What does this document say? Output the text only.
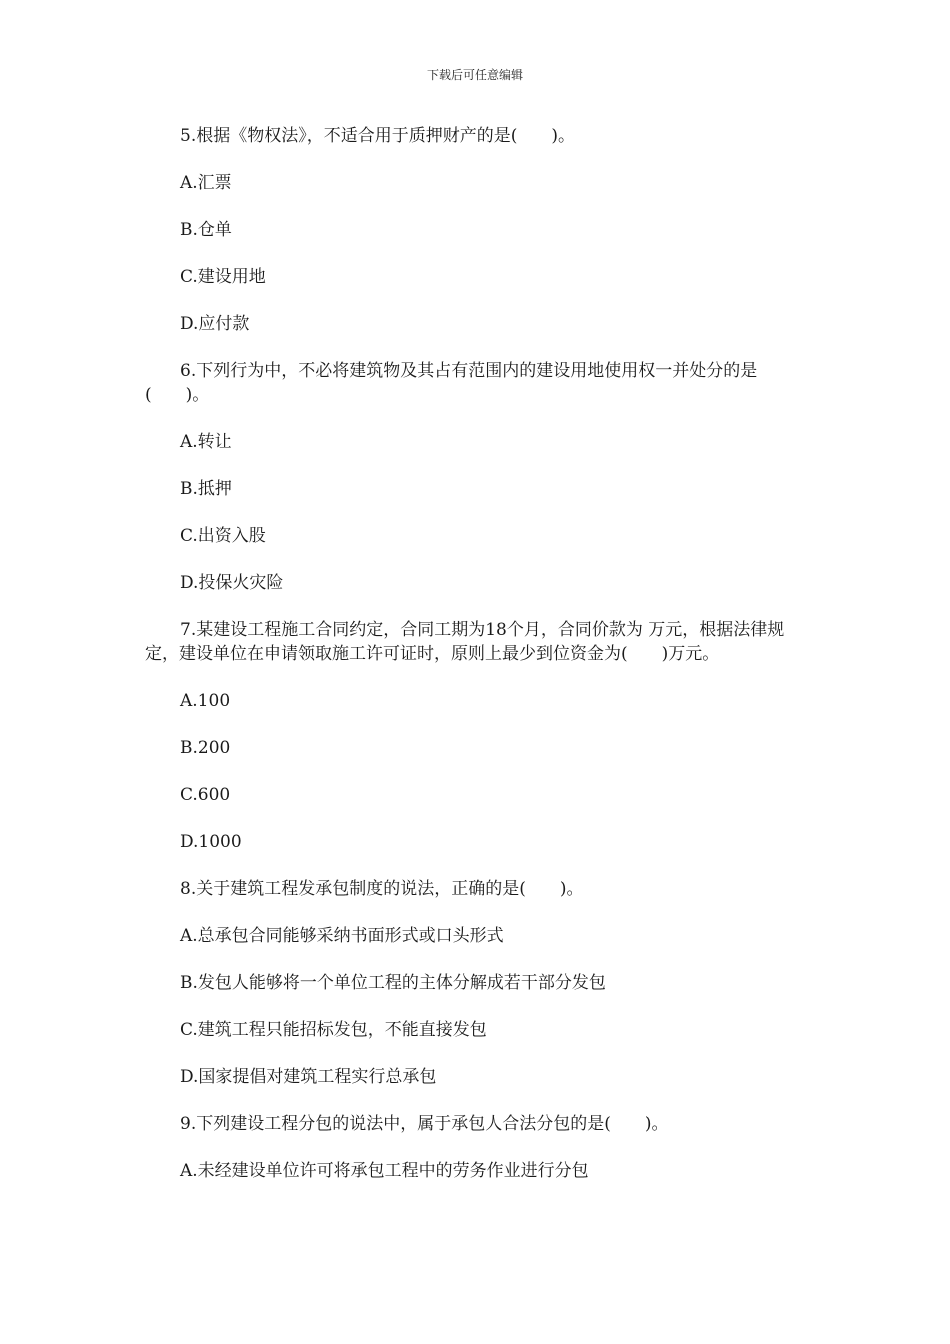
下载后可任意编辑
5.根据《物权法》，不适合用于质押财产的是(　　)。
A.汇票
B.仓单
C.建设用地
D.应付款
6.下列行为中，不必将建筑物及其占有范围内的建设用地使用权一并处分的是(　　)。
A.转让
B.抵押
C.出资入股
D.投保火灾险
7.某建设工程施工合同约定，合同工期为18个月，合同价款为 万元，根据法律规定，建设单位在申请领取施工许可证时，原则上最少到位资金为(　　)万元。
A.100
B.200
C.600
D.1000
8.关于建筑工程发承包制度的说法，正确的是(　　)。
A.总承包合同能够采纳书面形式或口头形式
B.发包人能够将一个单位工程的主体分解成若干部分发包
C.建筑工程只能招标发包，不能直接发包
D.国家提倡对建筑工程实行总承包
9.下列建设工程分包的说法中，属于承包人合法分包的是(　　)。
A.未经建设单位许可将承包工程中的劳务作业进行分包
